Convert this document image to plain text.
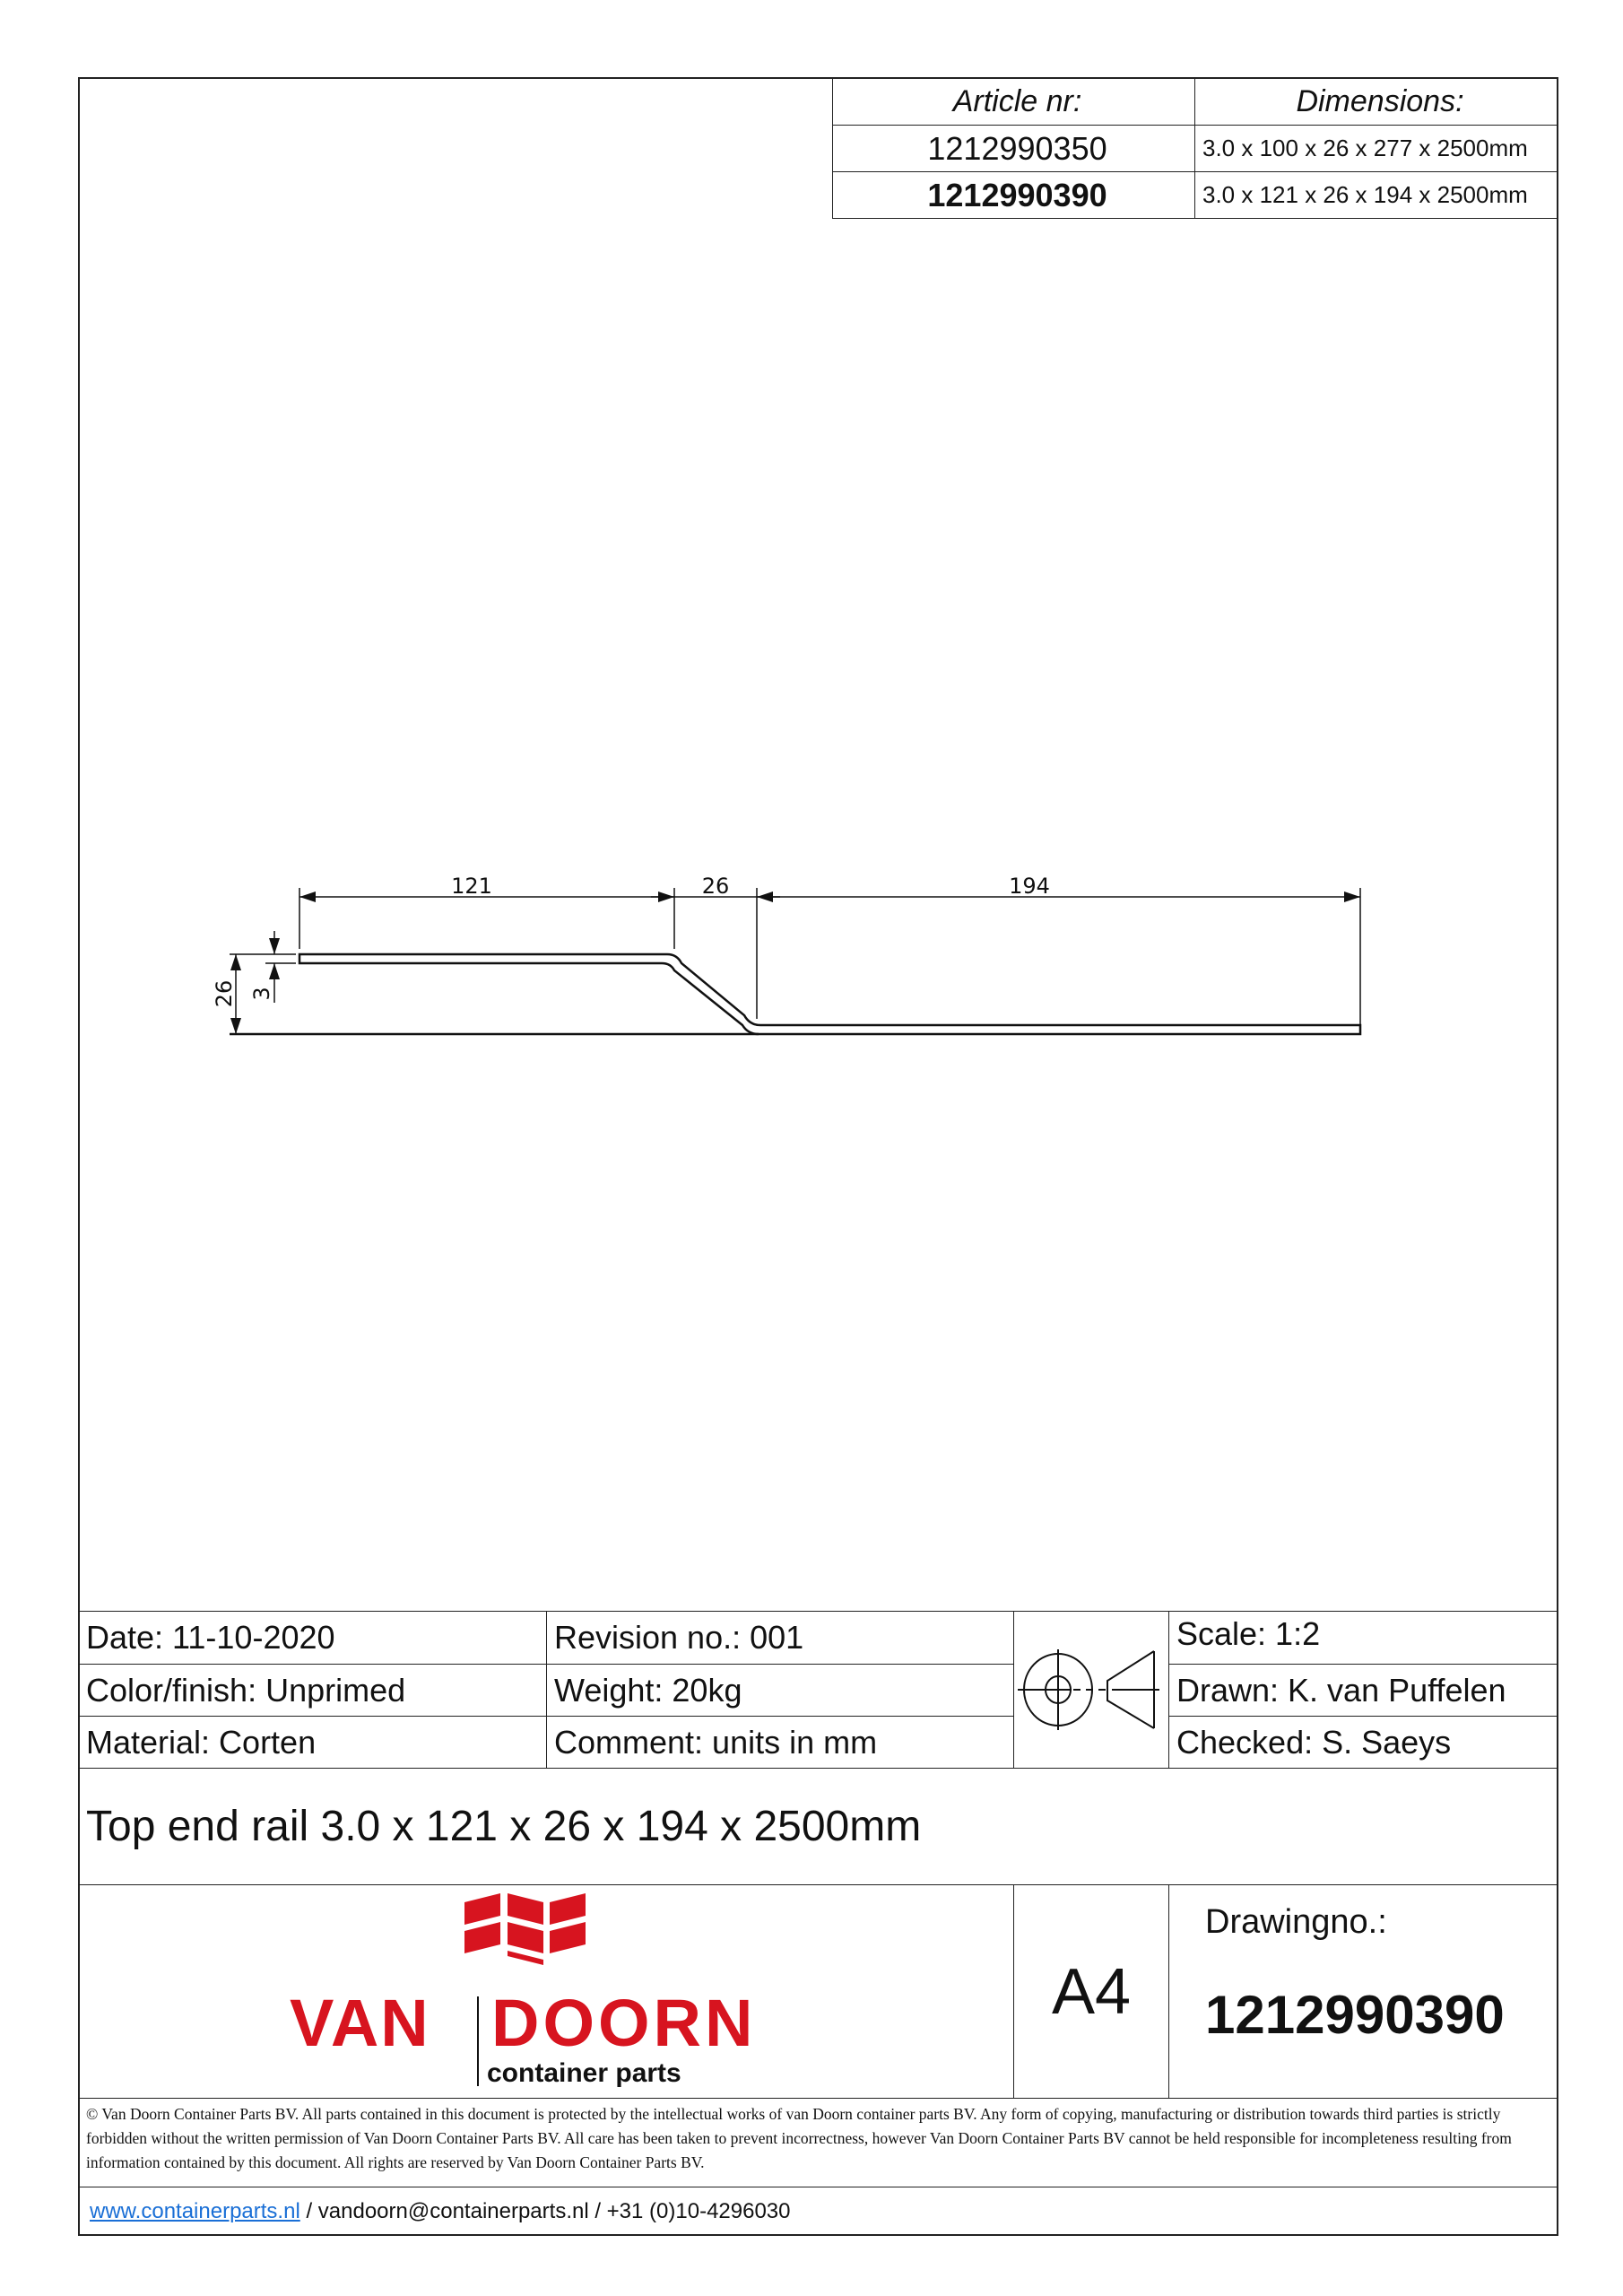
Article nr:	Dimensions:
1212990350	3.0 x 100 x 26 x 277 x 2500mm
1212990390	3.0 x 121 x 26 x 194 x 2500mm
121	26	194
26 3
Date: 11-10-2020	Revision no.: 001	Scale: 1:2
Color/finish: Unprimed	Weight: 20kg	Drawn: K. van Puffelen
Material: Corten	Comment: units in mm	Checked: S. Saeys
Top end rail 3.0 x 121 x 26 x 194 x 2500mm
VAN DOORN
container parts
A4
Drawingno.:
1212990390
© Van Doorn Container Parts BV. All parts contained in this document is protected by the intellectual works of van Doorn container parts BV. Any form of copying, manufacturing or distribution towards third parties is strictly forbidden without the written permission of Van Doorn Container Parts BV. All care has been taken to prevent incorrectness, however Van Doorn Container Parts BV cannot be held responsible for incompleteness resulting from information contained by this document. All rights are reserved by Van Doorn Container Parts BV.
www.containerparts.nl / vandoorn@containerparts.nl / +31 (0)10-4296030
